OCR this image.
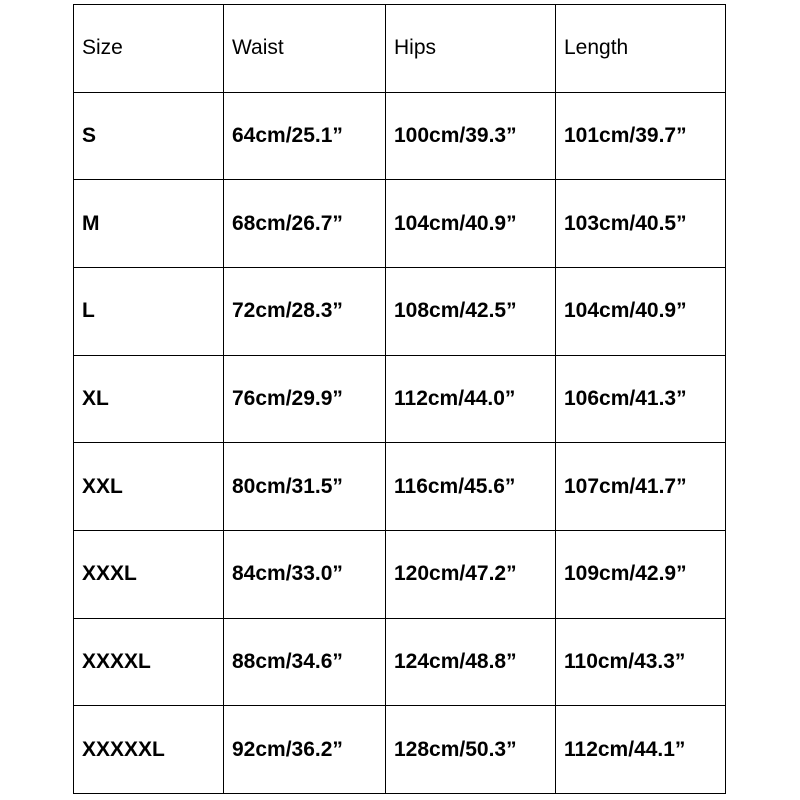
Size	Waist	Hips	Length
S	64cm/25.1”	100cm/39.3”	101cm/39.7”
M	68cm/26.7”	104cm/40.9”	103cm/40.5”
L	72cm/28.3”	108cm/42.5”	104cm/40.9”
XL	76cm/29.9”	112cm/44.0”	106cm/41.3”
XXL	80cm/31.5”	116cm/45.6”	107cm/41.7”
XXXL	84cm/33.0”	120cm/47.2”	109cm/42.9”
XXXXL	88cm/34.6”	124cm/48.8”	110cm/43.3”
XXXXXL	92cm/36.2”	128cm/50.3”	112cm/44.1”
